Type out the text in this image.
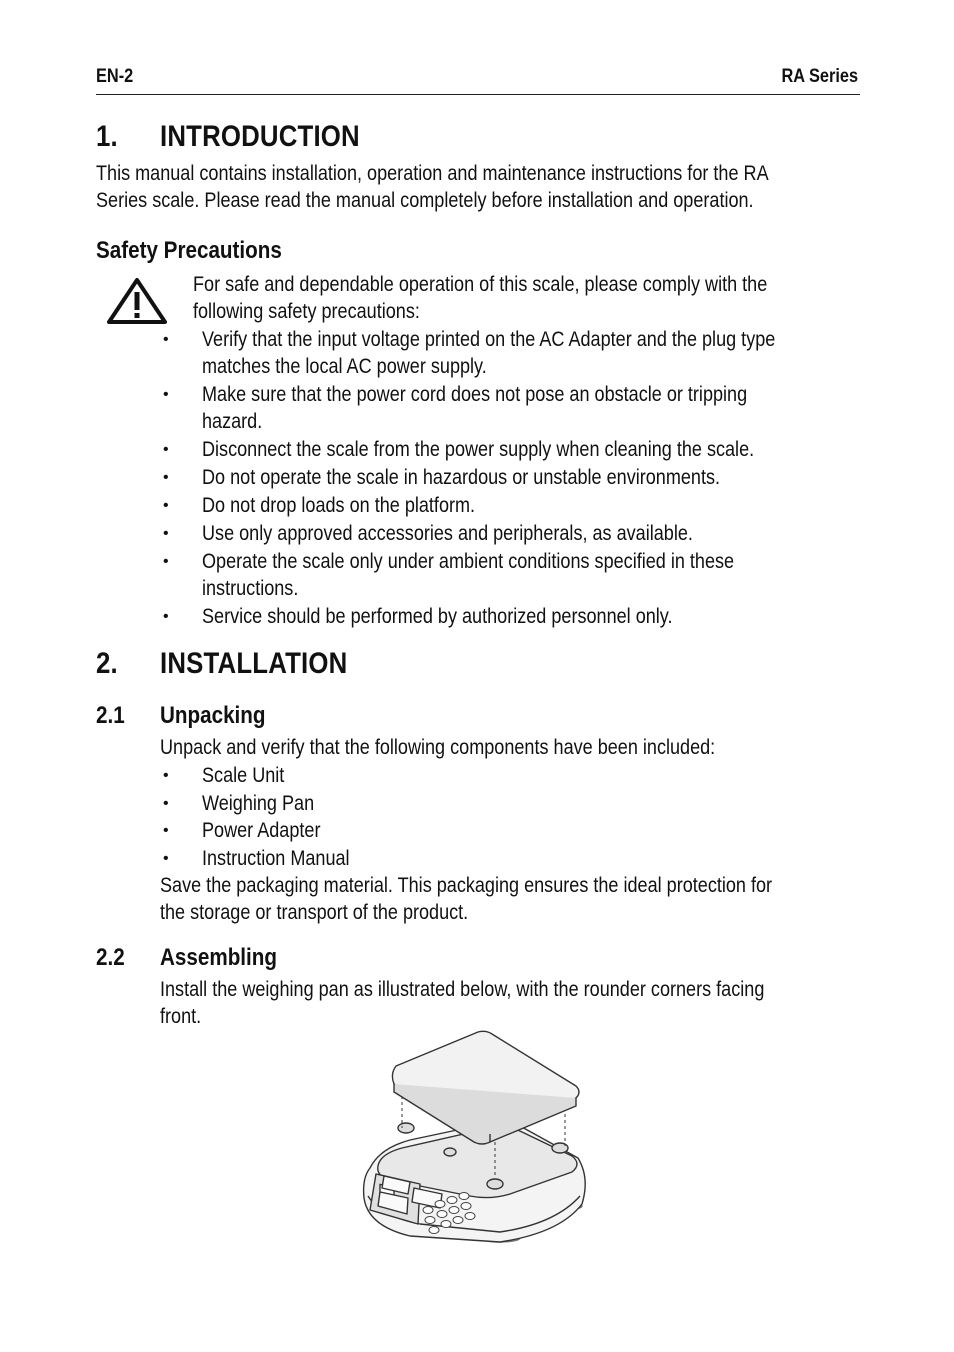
EN-2	RA Series
1. INTRODUCTION
This manual contains installation, operation and maintenance instructions for the RA
Series scale. Please read the manual completely before installation and operation.
Safety Precautions
For safe and dependable operation of this scale, please comply with the
following safety precautions:
• Verify that the input voltage printed on the AC Adapter and the plug type
matches the local AC power supply.
• Make sure that the power cord does not pose an obstacle or tripping
hazard.
• Disconnect the scale from the power supply when cleaning the scale.
• Do not operate the scale in hazardous or unstable environments.
• Do not drop loads on the platform.
• Use only approved accessories and peripherals, as available.
• Operate the scale only under ambient conditions specified in these
instructions.
• Service should be performed by authorized personnel only.
2. INSTALLATION
2.1 Unpacking
Unpack and verify that the following components have been included:
• Scale Unit
• Weighing Pan
• Power Adapter
• Instruction Manual
Save the packaging material. This packaging ensures the ideal protection for
the storage or transport of the product.
2.2 Assembling
Install the weighing pan as illustrated below, with the rounder corners facing
front.
